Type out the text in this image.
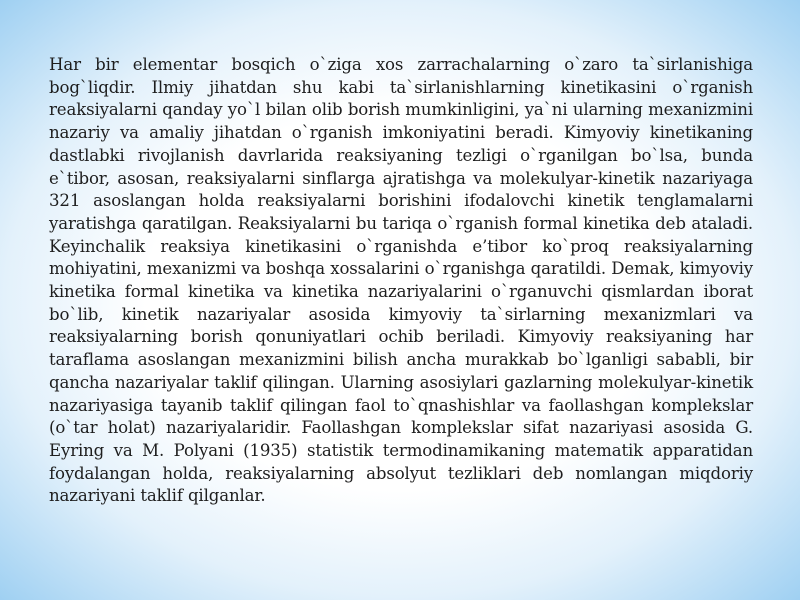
Har bir elementar bosqich o`ziga xos zarrachalarning o`zaro ta`sirlanishiga bog`liqdir. Ilmiy jihatdan shu kabi ta`sirlanishlarning kinetikasini o`rganish reaksiyalarni qanday yo`l bilan olib borish mumkinligini, ya`ni ularning mexanizmini nazariy va amaliy jihatdan o`rganish imkoniyatini beradi. Kimyoviy kinetikaning dastlabki rivojlanish davrlarida reaksiyaning tezligi o`rganilgan bo`lsa, bunda e`tibor, asosan, reaksiyalarni sinflarga ajratishga va molekulyar-kinetik nazariyaga 321 asoslangan holda reaksiyalarni borishini ifodalovchi kinetik tenglamalarni yaratishga qaratilgan. Reaksiyalarni bu tariqa o`rganish formal kinetika deb ataladi. Keyinchalik reaksiya kinetikasini o`rganishda e’tibor ko`proq reaksiyalarning mohiyatini, mexanizmi va boshqa xossalarini o`rganishga qaratildi. Demak, kimyoviy kinetika formal kinetika va kinetika nazariyalarini o`rganuvchi qismlardan iborat bo`lib, kinetik nazariyalar asosida kimyoviy ta`sirlarning mexanizmlari va reaksiyalarning borish qonuniyatlari ochib beriladi. Kimyoviy reaksiyaning har taraflama asoslangan mexanizmini bilish ancha murakkab bo`lganligi sababli, bir qancha nazariyalar taklif qilingan. Ularning asosiylari gazlarning molekulyar-kinetik nazariyasiga tayanib taklif qilingan faol to`qnashishlar va faollashgan komplekslar (o`tar holat) nazariyalaridir. Faollashgan komplekslar sifat nazariyasi asosida G. Eyring va M. Polyani (1935) statistik termodinamikaning matematik apparatidan foydalangan holda, reaksiyalarning absolyut tezliklari deb nomlangan miqdoriy nazariyani taklif qilganlar.
